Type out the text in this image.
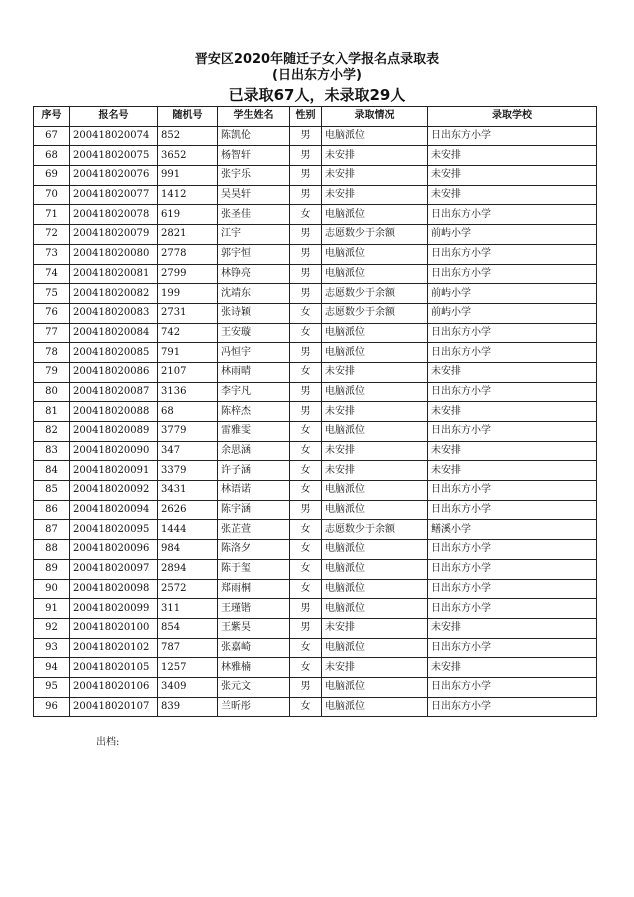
晋安区2020年随迁子女入学报名点录取表
(日出东方小学)
已录取67人，未录取29人
序号	报名号	随机号	学生姓名	性别	录取情况	录取学校
67	200418020074	852	陈凯伦	男	电脑派位	日出东方小学
68	200418020075	3652	杨智轩	男	未安排	未安排
69	200418020076	991	张宇乐	男	未安排	未安排
70	200418020077	1412	吴昊轩	男	未安排	未安排
71	200418020078	619	张圣佳	女	电脑派位	日出东方小学
72	200418020079	2821	江宇	男	志愿数少于余额	前屿小学
73	200418020080	2778	郭宇恒	男	电脑派位	日出东方小学
74	200418020081	2799	林铮亮	男	电脑派位	日出东方小学
75	200418020082	199	沈靖东	男	志愿数少于余额	前屿小学
76	200418020083	2731	张诗颖	女	志愿数少于余额	前屿小学
77	200418020084	742	王安璇	女	电脑派位	日出东方小学
78	200418020085	791	冯恒宇	男	电脑派位	日出东方小学
79	200418020086	2107	林雨晴	女	未安排	未安排
80	200418020087	3136	李宇凡	男	电脑派位	日出东方小学
81	200418020088	68	陈梓杰	男	未安排	未安排
82	200418020089	3779	雷雅雯	女	电脑派位	日出东方小学
83	200418020090	347	余思涵	女	未安排	未安排
84	200418020091	3379	许子涵	女	未安排	未安排
85	200418020092	3431	林语诺	女	电脑派位	日出东方小学
86	200418020094	2626	陈宇涵	男	电脑派位	日出东方小学
87	200418020095	1444	张芷萱	女	志愿数少于余额	鳝溪小学
88	200418020096	984	陈洛夕	女	电脑派位	日出东方小学
89	200418020097	2894	陈于玺	女	电脑派位	日出东方小学
90	200418020098	2572	郑雨桐	女	电脑派位	日出东方小学
91	200418020099	311	王瑾锴	男	电脑派位	日出东方小学
92	200418020100	854	王紫昊	男	未安排	未安排
93	200418020102	787	张嘉崎	女	电脑派位	日出东方小学
94	200418020105	1257	林雅楠	女	未安排	未安排
95	200418020106	3409	张元文	男	电脑派位	日出东方小学
96	200418020107	839	兰昕彤	女	电脑派位	日出东方小学
出档:
